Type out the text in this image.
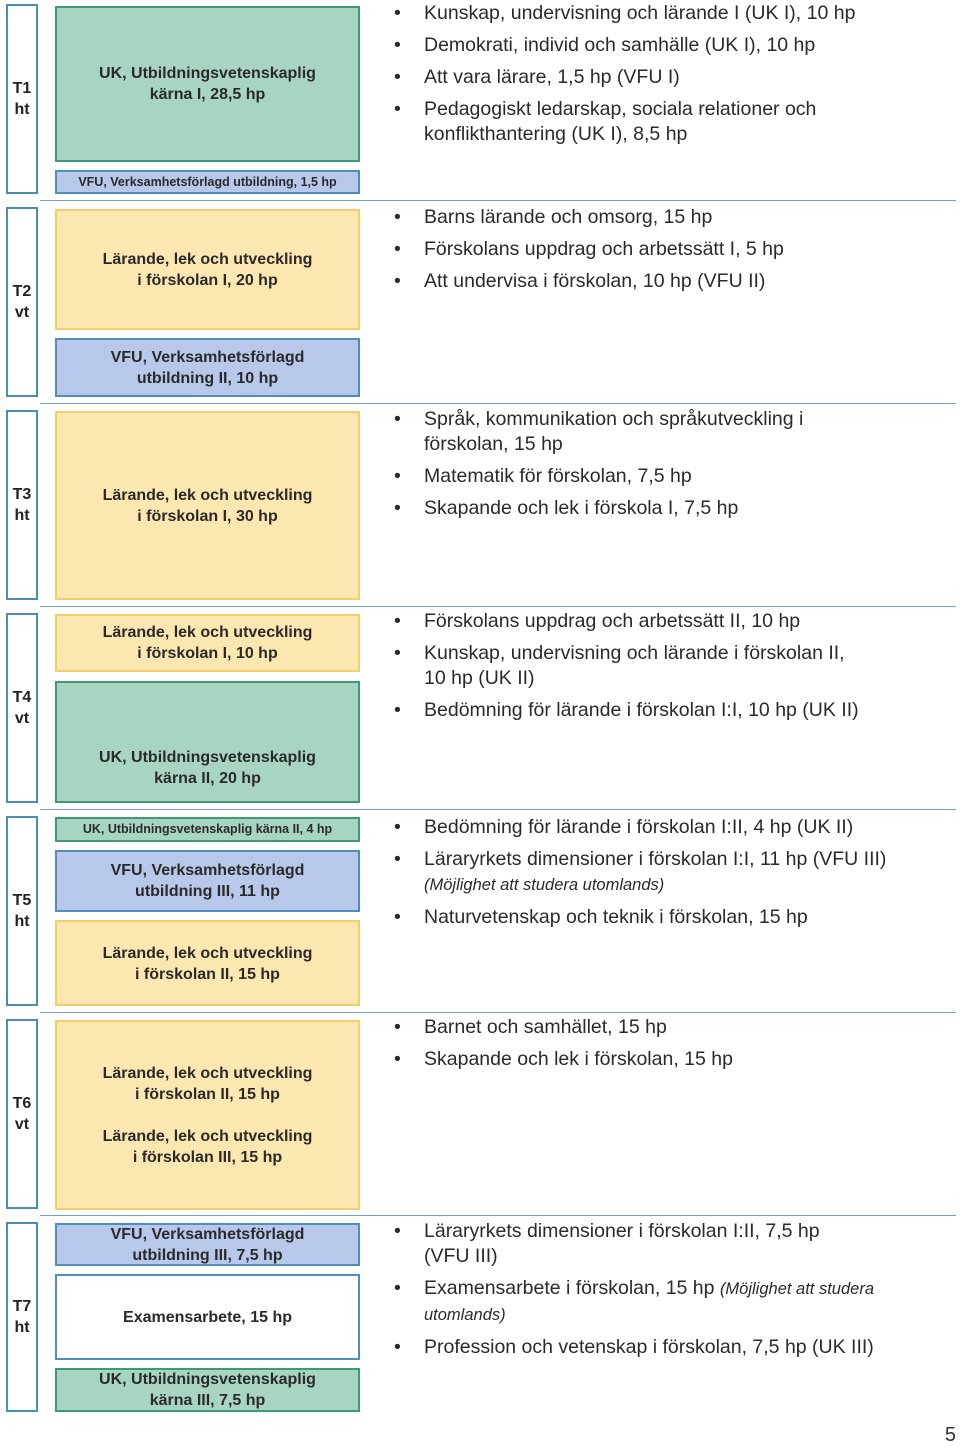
T1
ht
T2
vt
T3
ht
T4
vt
T5
ht
T6
vt
T7
ht
UK, Utbildningsvetenskaplig
kärna I, 28,5 hp
VFU, Verksamhetsförlagd utbildning, 1,5 hp
Lärande, lek och utveckling
i förskolan I, 20 hp
VFU, Verksamhetsförlagd
utbildning II, 10 hp
Lärande, lek och utveckling
i förskolan I, 30 hp
Lärande, lek och utveckling
i förskolan I, 10 hp
UK, Utbildningsvetenskaplig
kärna II, 20 hp
UK, Utbildningsvetenskaplig kärna II, 4 hp
VFU, Verksamhetsförlagd
utbildning III, 11 hp
Lärande, lek och utveckling
i förskolan II, 15 hp
Lärande, lek och utveckling
i förskolan II, 15 hp
Lärande, lek och utveckling
i förskolan III, 15 hp
VFU, Verksamhetsförlagd
utbildning III, 7,5 hp
Examensarbete, 15 hp
UK, Utbildningsvetenskaplig
kärna III, 7,5 hp
• Kunskap, undervisning och lärande I (UK I), 10 hp
• Demokrati, individ och samhälle (UK I), 10 hp
• Att vara lärare, 1,5 hp (VFU I)
• Pedagogiskt ledarskap, sociala relationer och
konflikthantering (UK I), 8,5 hp
• Barns lärande och omsorg, 15 hp
• Förskolans uppdrag och arbetssätt I, 5 hp
• Att undervisa i förskolan, 10 hp (VFU II)
• Språk, kommunikation och språkutveckling i
förskolan, 15 hp
• Matematik för förskolan, 7,5 hp
• Skapande och lek i förskola I, 7,5 hp
• Förskolans uppdrag och arbetssätt II, 10 hp
• Kunskap, undervisning och lärande i förskolan II,
10 hp (UK II)
• Bedömning för lärande i förskolan I:I, 10 hp (UK II)
• Bedömning för lärande i förskolan I:II, 4 hp (UK II)
• Läraryrkets dimensioner i förskolan I:I, 11 hp (VFU III)
(Möjlighet att studera utomlands)
• Naturvetenskap och teknik i förskolan, 15 hp
• Barnet och samhället, 15 hp
• Skapande och lek i förskolan, 15 hp
• Läraryrkets dimensioner i förskolan I:II, 7,5 hp
(VFU III)
• Examensarbete i förskolan, 15 hp (Möjlighet att studera
utomlands)
• Profession och vetenskap i förskolan, 7,5 hp (UK III)
5
